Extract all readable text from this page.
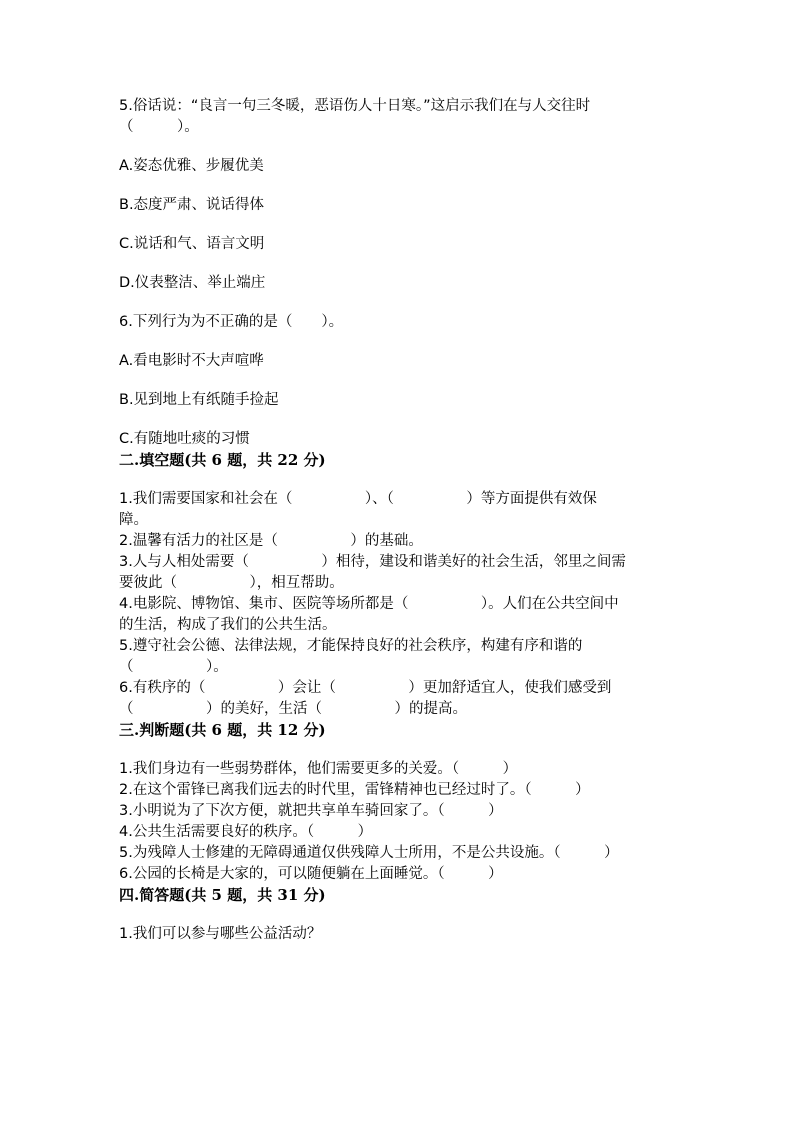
5.俗话说：“良言一句三冬暖，恶语伤人十日寒。”这启示我们在与人交往时

（　　　）。

A.姿态优雅、步履优美

B.态度严肃、说话得体

C.说话和气、语言文明

D.仪表整洁、举止端庄

6.下列行为为不正确的是（　　）。

A.看电影时不大声喧哗

B.见到地上有纸随手捡起

C.有随地吐痰的习惯

二.填空题(共 6 题，共 22 分)

1.我们需要国家和社会在（　　　　　）、（　　　　　）等方面提供有效保

障。

2.温馨有活力的社区是（　　　　　）的基础。

3.人与人相处需要（　　　　　）相待，建设和谐美好的社会生活，邻里之间需

要彼此（　　　　　），相互帮助。

4.电影院、博物馆、集市、医院等场所都是（　　　　　）。人们在公共空间中

的生活，构成了我们的公共生活。

5.遵守社会公德、法律法规，才能保持良好的社会秩序，构建有序和谐的

（　　　　　）。

6.有秩序的（　　　　　）会让（　　　　　）更加舒适宜人，使我们感受到

（　　　　　）的美好，生活（　　　　　）的提高。

三.判断题(共 6 题，共 12 分)

1.我们身边有一些弱势群体，他们需要更多的关爱。（　　　）

2.在这个雷锋已离我们远去的时代里，雷锋精神也已经过时了。（　　　）

3.小明说为了下次方便，就把共享单车骑回家了。（　　　）

4.公共生活需要良好的秩序。（　　　）

5.为残障人士修建的无障碍通道仅供残障人士所用，不是公共设施。（　　　）

6.公园的长椅是大家的，可以随便躺在上面睡觉。（　　　）

四.简答题(共 5 题，共 31 分)

1.我们可以参与哪些公益活动？
